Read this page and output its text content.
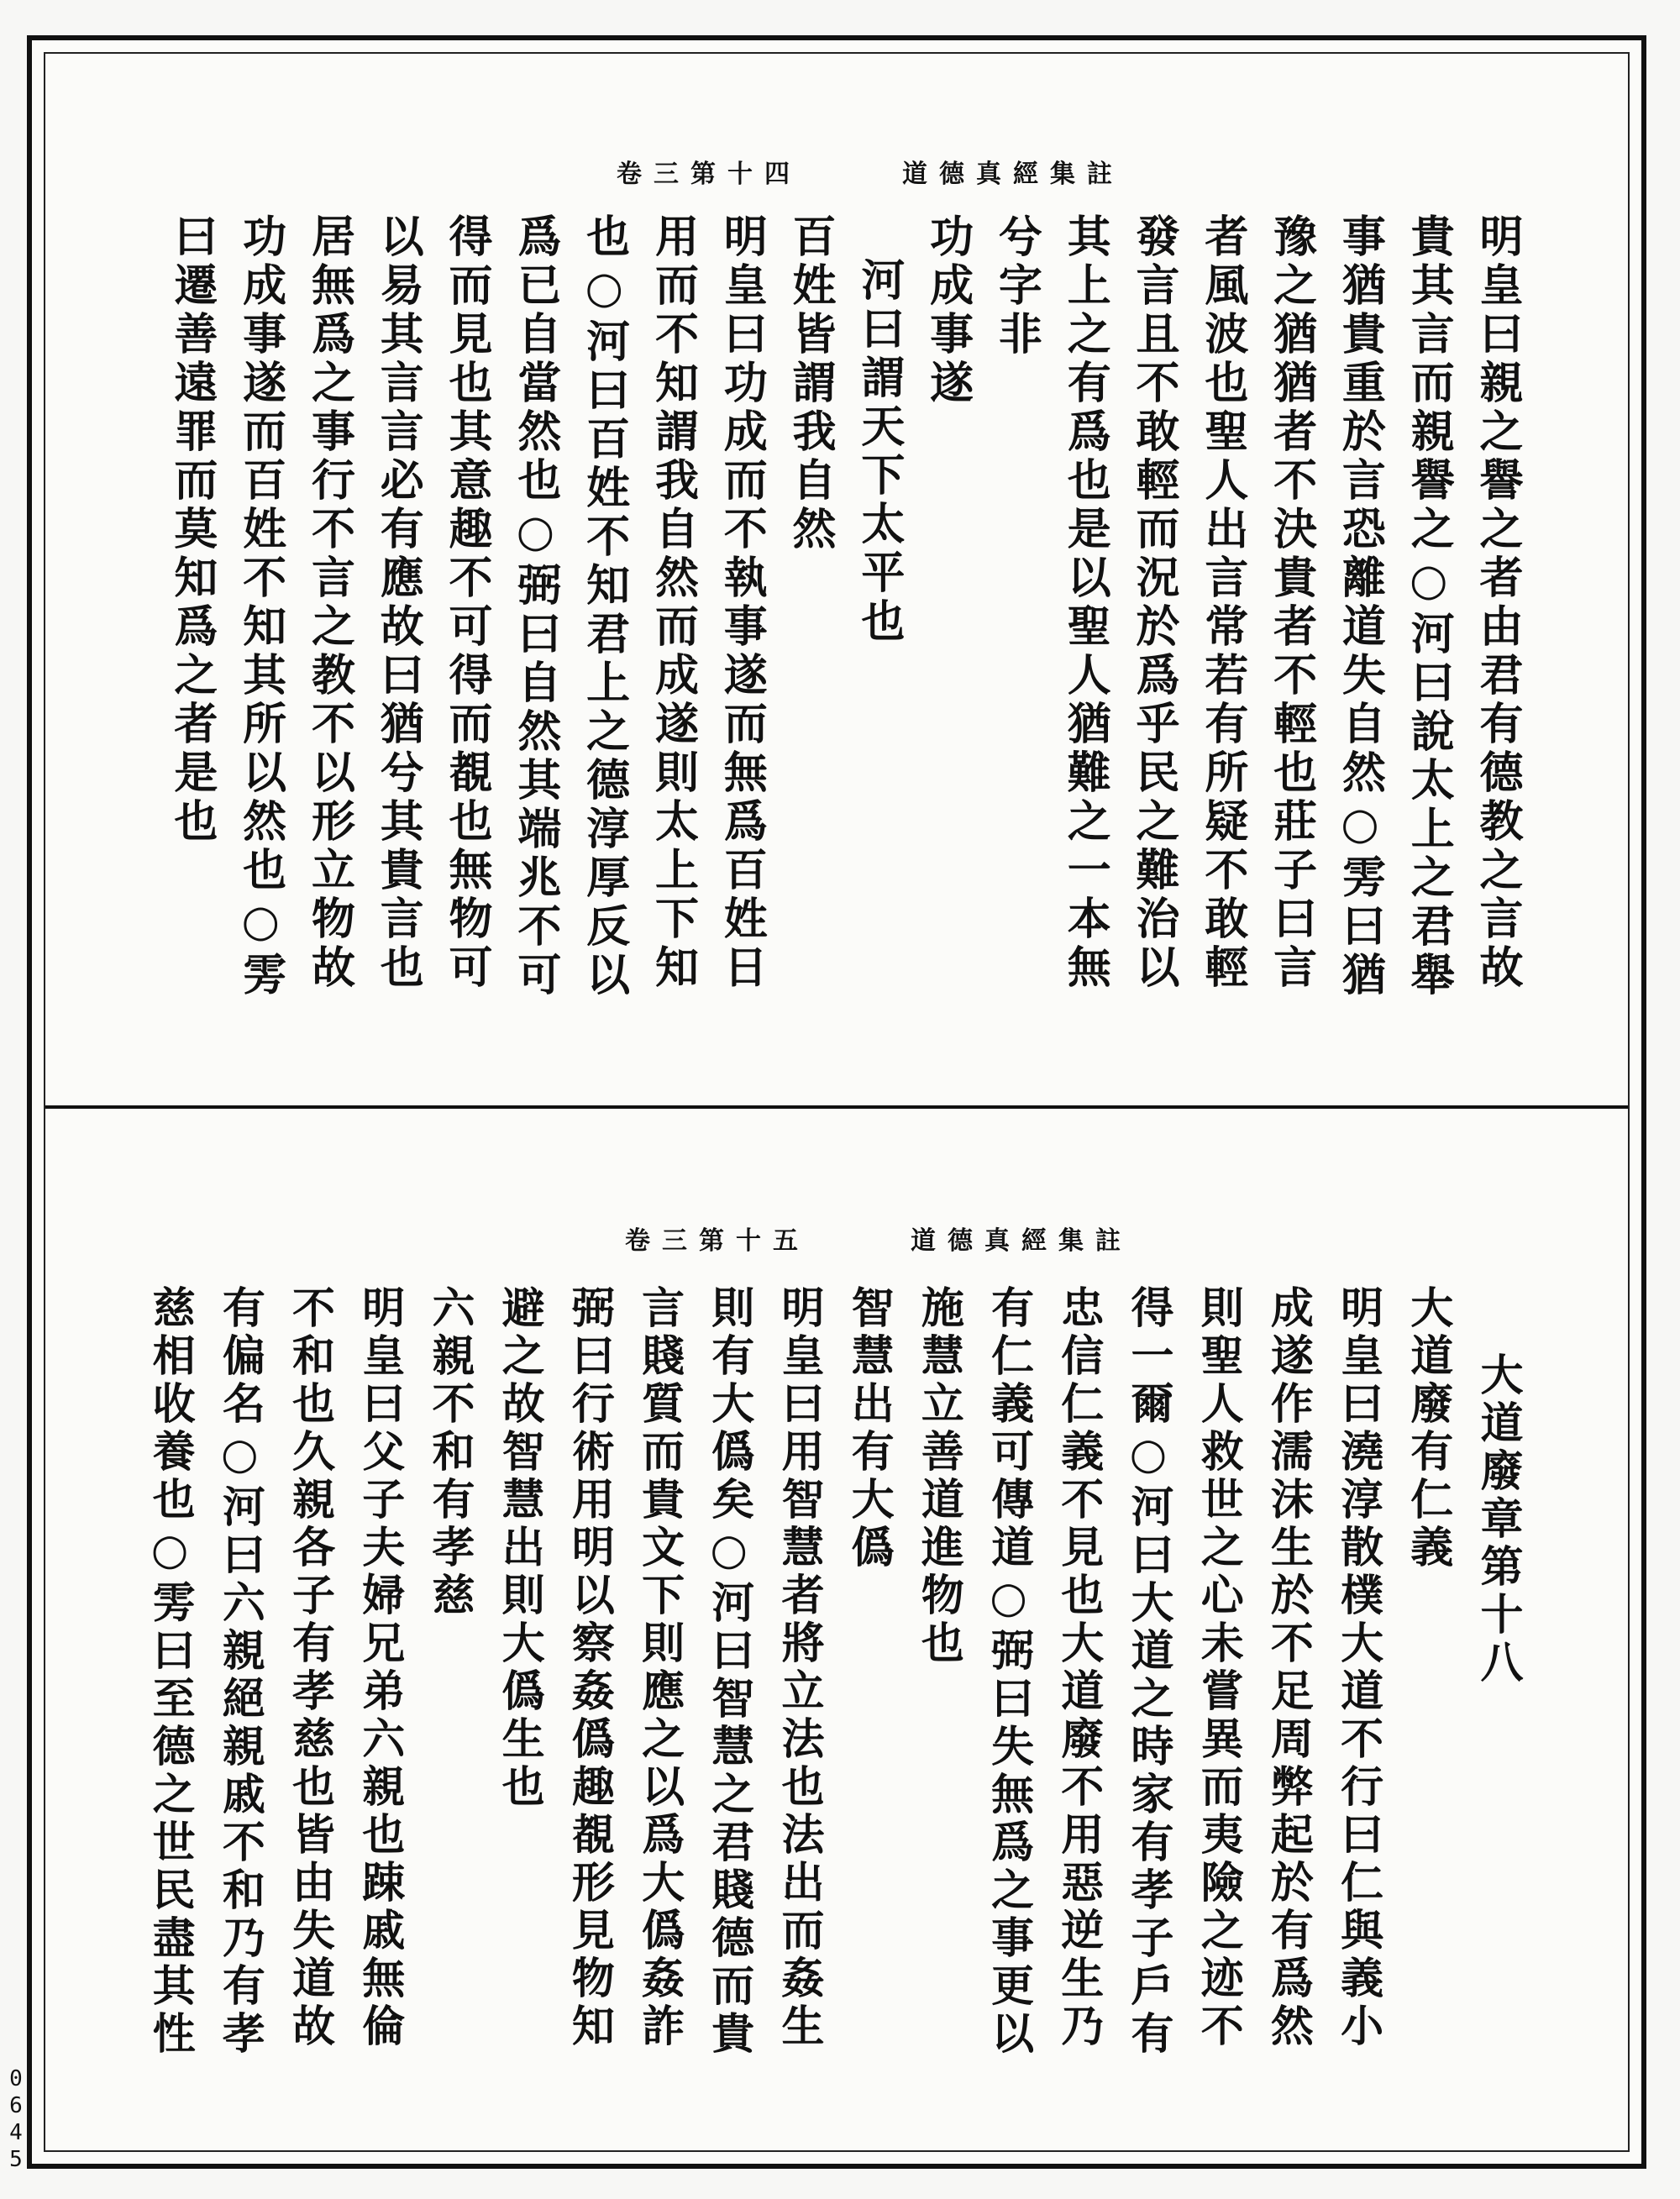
卷三第十四	道德真經集註
明皇曰親之譽之者由君有德教之言故
貴其言而親譽之○河曰說太上之君舉
事猶貴重於言恐離道失自然○雱曰猶
豫之猶猶者不決貴者不輕也莊子曰言
者風波也聖人出言常若有所疑不敢輕
發言且不敢輕而況於爲乎民之難治以
其上之有爲也是以聖人猶難之一本無
兮字非
功成事遂
河曰謂天下太平也
百姓皆謂我自然
明皇曰功成而不執事遂而無爲百姓日
用而不知謂我自然而成遂則太上下知
也○河曰百姓不知君上之德淳厚反以
爲已自當然也○弼曰自然其端兆不可
得而見也其意趣不可得而覩也無物可
以易其言言必有應故曰猶兮其貴言也
居無爲之事行不言之教不以形立物故
功成事遂而百姓不知其所以然也○雱
曰遷善遠罪而莫知爲之者是也
卷三第十五	道德真經集註
大道廢章第十八
大道廢有仁義
明皇曰澆淳散樸大道不行曰仁與義小
成遂作濡沫生於不足周弊起於有爲然
則聖人救世之心未嘗異而夷險之迹不
得一爾○河曰大道之時家有孝子戶有
忠信仁義不見也大道廢不用惡逆生乃
有仁義可傳道○弼曰失無爲之事更以
施慧立善道進物也
智慧出有大僞
明皇曰用智慧者將立法也法出而姦生
則有大僞矣○河曰智慧之君賤德而貴
言賤質而貴文下則應之以爲大僞姦詐
弼曰行術用明以察姦僞趣覩形見物知
避之故智慧出則大僞生也
六親不和有孝慈
明皇曰父子夫婦兄弟六親也踈戚無倫
不和也久親各子有孝慈也皆由失道故
有偏名○河曰六親絕親戚不和乃有孝
慈相收養也○雱曰至德之世民盡其性
0645
